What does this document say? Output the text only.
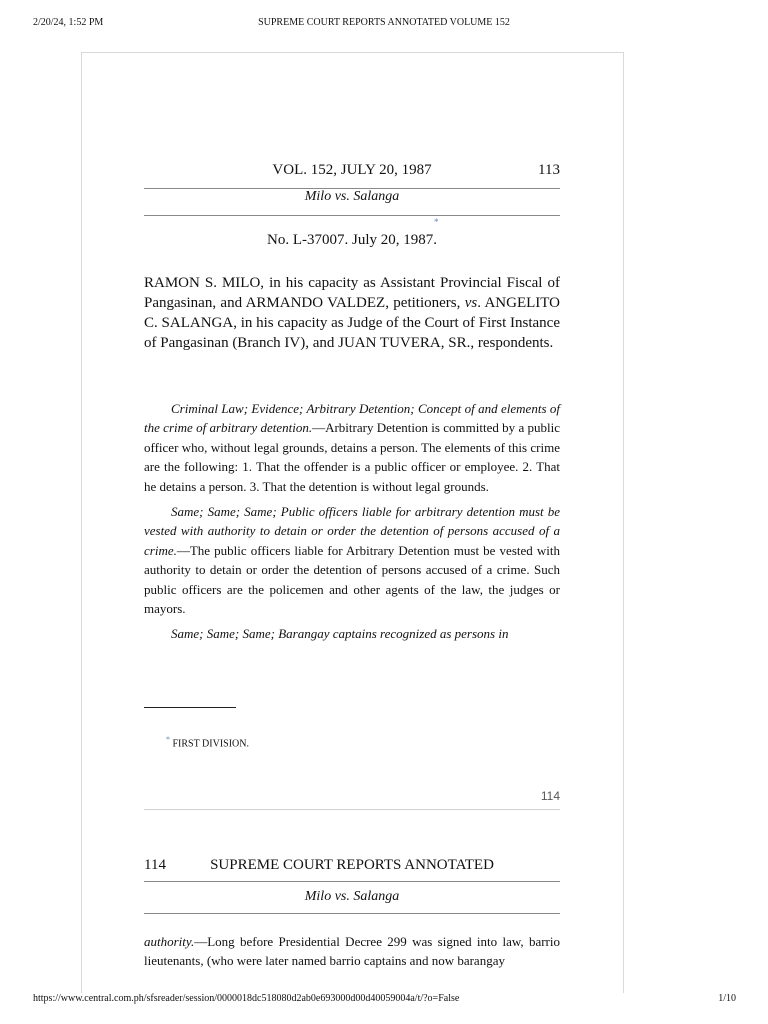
2/20/24, 1:52 PM	SUPREME COURT REPORTS ANNOTATED VOLUME 152
VOL. 152, JULY 20, 1987	113
Milo vs. Salanga
*
No. L-37007. July 20, 1987.
RAMON S. MILO, in his capacity as Assistant Provincial Fiscal of Pangasinan, and ARMANDO VALDEZ, petitioners, vs. ANGELITO C. SALANGA, in his capacity as Judge of the Court of First Instance of Pangasinan (Branch IV), and JUAN TUVERA, SR., respondents.

Criminal Law; Evidence; Arbitrary Detention; Concept of and elements of the crime of arbitrary detention.—Arbitrary Detention is committed by a public officer who, without legal grounds, detains a person. The elements of this crime are the following: 1. That the offender is a public officer or employee. 2. That he detains a person. 3. That the detention is without legal grounds.

Same; Same; Same; Public officers liable for arbitrary detention must be vested with authority to detain or order the detention of persons accused of a crime.—The public officers liable for Arbitrary Detention must be vested with authority to detain or order the detention of persons accused of a crime. Such public officers are the policemen and other agents of the law, the judges or mayors.

Same; Same; Same; Barangay captains recognized as persons in

* FIRST DIVISION.
114
114	SUPREME COURT REPORTS ANNOTATED
Milo vs. Salanga
authority.—Long before Presidential Decree 299 was signed into law, barrio lieutenants, (who were later named barrio captains and now barangay
https://www.central.com.ph/sfsreader/session/0000018dc518080d2ab0e693000d00d40059004a/t/?o=False	1/10
